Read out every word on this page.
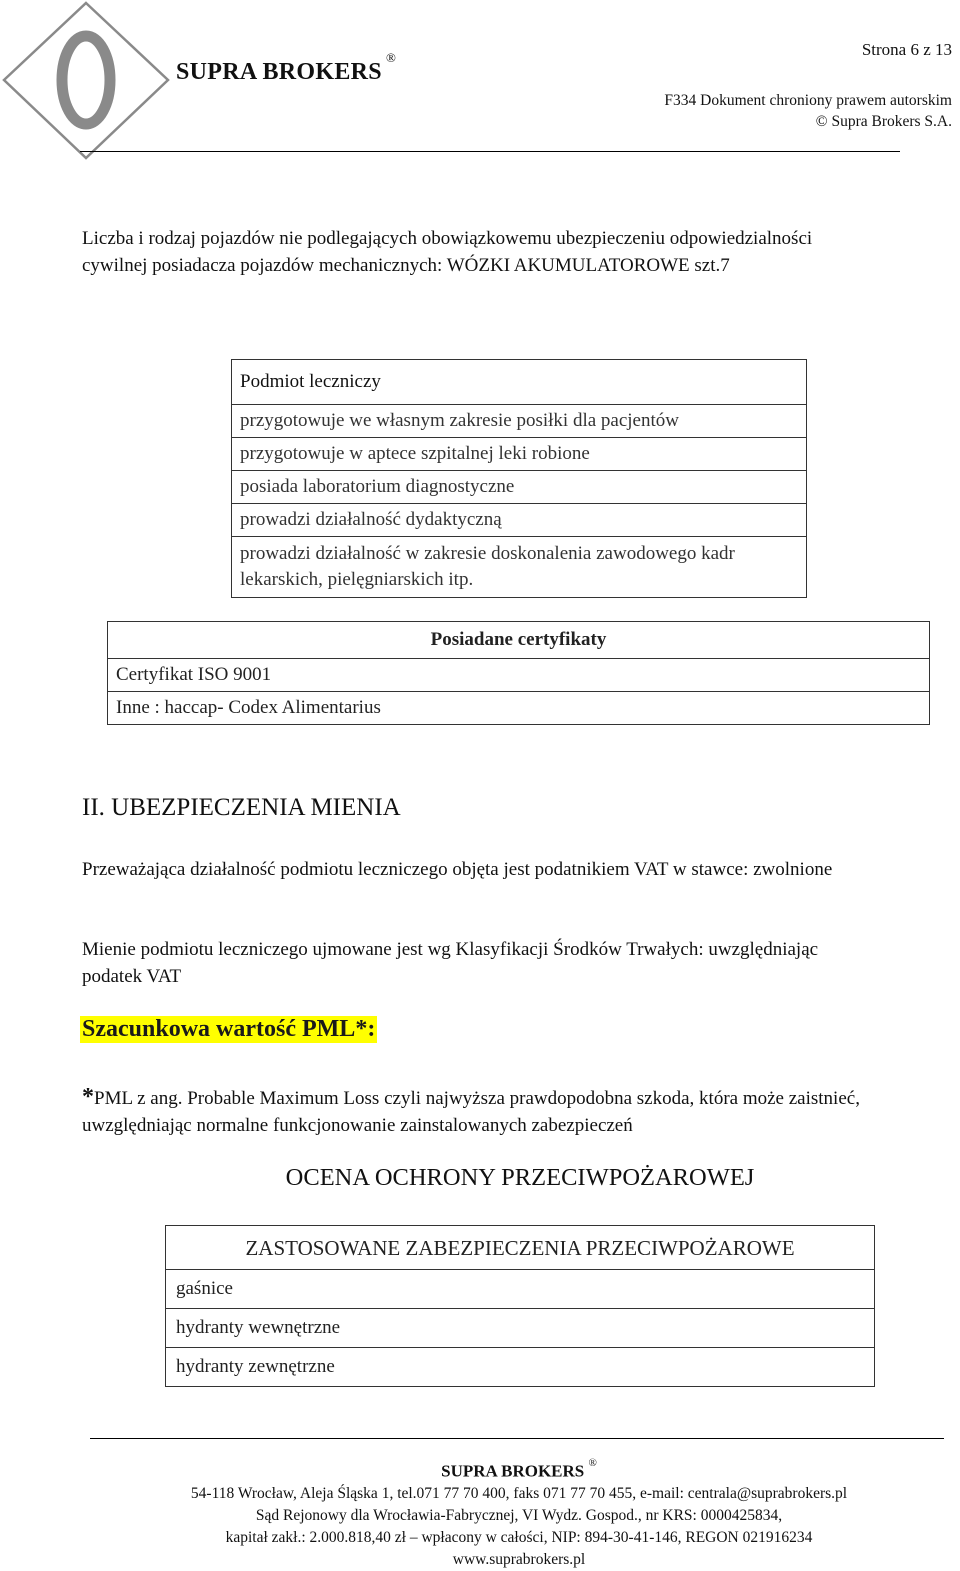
SUPRA BROKERS®	Strona 6 z 13
F334 Dokument chroniony prawem autorskim
© Supra Brokers S.A.
Liczba i rodzaj pojazdów nie podlegających obowiązkowemu ubezpieczeniu odpowiedzialności cywilnej posiadacza pojazdów mechanicznych: WÓZKI AKUMULATOROWE szt.7
Podmiot leczniczy
przygotowuje we własnym zakresie posiłki dla pacjentów
przygotowuje w aptece szpitalnej leki robione
posiada laboratorium diagnostyczne
prowadzi działalność dydaktyczną
prowadzi działalność w zakresie doskonalenia zawodowego kadr lekarskich, pielęgniarskich itp.
Posiadane certyfikaty
Certyfikat ISO 9001
Inne : haccap- Codex Alimentarius
II. UBEZPIECZENIA MIENIA
Przeważająca działalność podmiotu leczniczego objęta jest podatnikiem VAT w stawce: zwolnione
Mienie podmiotu leczniczego ujmowane jest wg Klasyfikacji Środków Trwałych: uwzględniając podatek VAT
Szacunkowa wartość PML*:
*PML z ang. Probable Maximum Loss czyli najwyższa prawdopodobna szkoda, która może zaistnieć, uwzględniając normalne funkcjonowanie zainstalowanych zabezpieczeń
OCENA OCHRONY PRZECIWPOŻAROWEJ
ZASTOSOWANE ZABEZPIECZENIA PRZECIWPOŻAROWE
gaśnice
hydranty wewnętrzne
hydranty zewnętrzne
SUPRA BROKERS ®
54-118 Wrocław, Aleja Śląska 1, tel.071 77 70 400, faks 071 77 70 455, e-mail: centrala@suprabrokers.pl
Sąd Rejonowy dla Wrocławia-Fabrycznej, VI Wydz. Gospod., nr KRS: 0000425834,
kapitał zakł.: 2.000.818,40 zł – wpłacony w całości, NIP: 894-30-41-146, REGON 021916234
www.suprabrokers.pl
